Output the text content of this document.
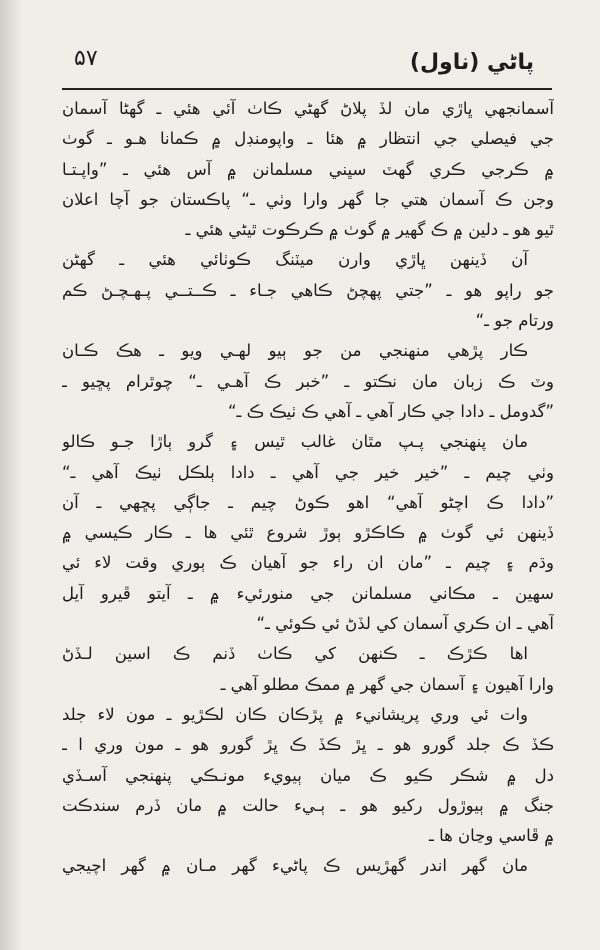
۷۵	پاڻي (ناول)
آسمانجهي ڀاڙي مان لڏ پلاڻ گهڻي ڪاٺ آئي هئي ـ گهڻا آسمان
جي فيصلي جي انتظار ۾ هئا ـ واپومنڊل ۾ ڪمانا هـو ـ گوٺ
۾ ڪرجي ڪري گهٽ سڀني مسلمانن ۾ آس هئي ـ ”واپـتـا
وجن ڪ آسمان هتي جا گهر وارا وٺي ـ“ پاڪستان جو آچا اعلان
ٿيو هو ـ دلين ۾ ڪ گهير ۾ گوٺ ۾ ڪرڪوت ٿيڻي هئي ـ
آن ڏينهن ڀاڙي وارن ميٽنگ ڪوٺائي هئي ـ گهڻن
جو راپو هو ـ ”جتي پهچڻ ڪاهي جـاء ـ ڪــتــي پـهـچـڻ ڪم
ورتام جو ـ“
ڪار پڙهي منهنجي من جو ٻيو لهـي ويو ـ هڪ ڪـان
وٽ ڪ زبان مان نڪتو ـ ”خبر ڪ آهـي ـ“ چوٿرام پڇيو ـ
”گدومل ـ دادا جي ڪار آهي ـ آهي ڪ ٺيڪ ڪ ـ“
مان پنهنجي پـپ مٿان غالب ٿيس ۽ گرو ٻاڙا جـو ڪالو
وٺي چيم ـ ”خير خير جي آهي ـ دادا ٻلڪل ٺيڪ آهي ـ“
”دادا ڪ اچڻو آهي“ اهو ڪوڻ چيم ـ جاڳي پڇهي ـ آن
ڏينهن ئي گوٺ ۾ ڪاڪڙو ٻوڙ شروع ٿئي ها ـ ڪار ڪيسي ۾
وڌم ۽ چيم ـ ”مان ان راء جو آهيان ڪ ٻوري وقت لاء ئي
سهين ـ مڪاني مسلمانن جي منورئيء ۾ ـ آيتو ڦيرو آيل
آهي ـ ان ڪري آسمان کي لڏڻ ئي ڪوئي ـ“
اها ڪڙڪ ـ ڪنهن کي ڪاٺ ڏنم ڪ اسين لـڏڻ
وارا آهيون ۽ آسمان جي گهر ۾ ممڪ مطلو آهي ـ
وات ئي وري پريشانيء ۾ پڙڪان ڪان لڪڙيو ـ مون لاء جلد
ڪڏ ڪ جلد گورو هو ـ ڀڙ ڪڏ ڪ ڀڙ گورو هو ـ مون وري ا ـ
دل ۾ شڪر ڪيو ڪ ميان ٻيويء مونـڪي پنهنجي آسـڏي
جنگ ۾ ٻيوڙول رکيو هو ـ ٻـيء حالت ۾ مان ڏرم سندڪت
۾ ڦاسي وڃان ها ـ
مان گهر اندر گهڙيس ڪ پاڻيء گهر مـان ۾ گهر اچيجي
